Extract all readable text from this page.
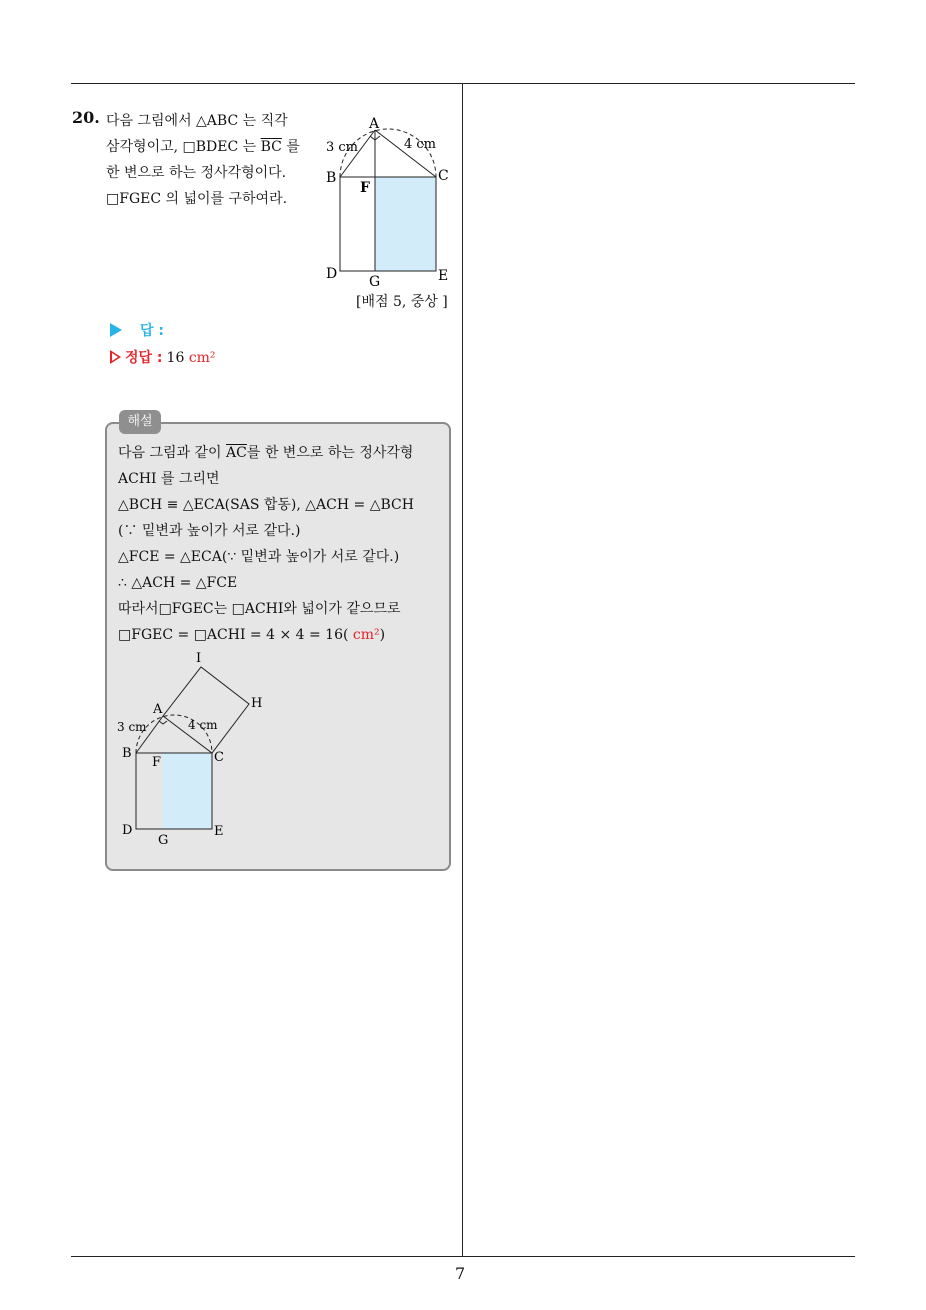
20. 다음 그림에서 △ABC 는 직각
삼각형이고, □BDEC 는 $\overline{BC}$ 를
한 변으로 하는 정사각형이다.
□FGEC 의 넓이를 구하여라.
A
B	C
D	E
F
G
3 cm	4 cm
[배점 5, 중상 ]
답 :
정답 : 16 cm²
해설
다음 그림과 같이 $\overline{AC}$를 한 변으로 하는 정사각형
ACHI 를 그리면
△BCH ≡ △ECA(SAS 합동), △ACH = △BCH
(∵ 밑변과 높이가 서로 같다.)
△FCE = △ECA(∵ 밑변과 높이가 서로 같다.)
∴ △ACH = △FCE
따라서□FGEC는 □ACHI와 넓이가 같으므로
□FGEC = □ACHI = 4 × 4 = 16( cm²)
I
H
A
B	C
D	E
F
G
3 cm	4 cm
7
